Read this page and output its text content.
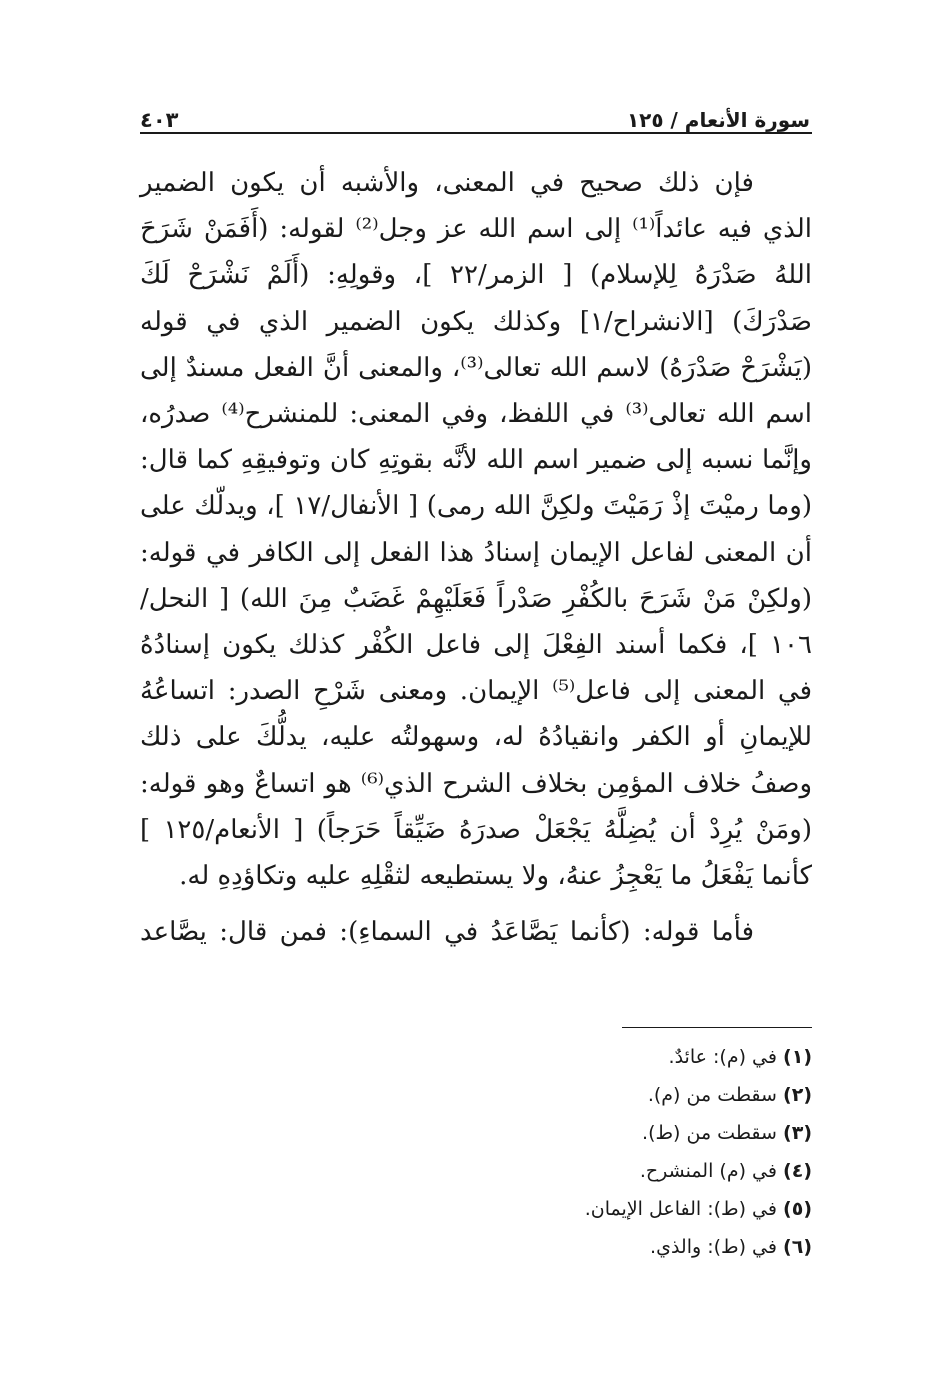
سورة الأنعام / ١٢٥
٤٠٣

فإن ذلك صحيح في المعنى، والأشبه أن يكون الضمير الذي فيه عائداً⁽¹⁾ إلى اسم الله عز وجل⁽²⁾ لقوله: (أَفَمَنْ شَرَحَ اللهُ صَدْرَهُ لِلإسلام) [ الزمر/٢٢ ]، وقولِهِ: (أَلَمْ نَشْرَحْ لَكَ صَدْرَكَ) [الانشراح/١] وكذلك يكون الضمير الذي في قوله (يَشْرَحْ صَدْرَهُ) لاسم الله تعالى⁽³⁾، والمعنى أنَّ الفعل مسندٌ إلى اسم الله تعالى⁽³⁾ في اللفظ، وفي المعنى: للمنشرح⁽⁴⁾ صدرُه، وإنَّما نسبه إلى ضمير اسم الله لأنَّه بقوتِهِ كان وتوفيقِهِ كما قال: (وما رميْتَ إذْ رَمَيْتَ ولكِنَّ الله رمى) [ الأنفال/١٧ ]، ويدلّك على أن المعنى لفاعل الإيمان إسنادُ هذا الفعل إلى الكافر في قوله: (ولكِنْ مَنْ شَرَحَ بالكُفْرِ صَدْراً فَعَلَيْهِمْ غَضَبٌ مِنَ الله) [ النحل/١٠٦ ]، فكما أسند الفِعْلَ إلى فاعل الكُفْر كذلك يكون إسنادُهُ في المعنى إلى فاعل⁽⁵⁾ الإيمان. ومعنى شَرْحِ الصدر: اتساعُهُ للإيمانِ أو الكفر وانقيادُهُ له، وسهولتُه عليه، يدلُّكَ على ذلك وصفُ خلاف المؤمِن بخلاف الشرح الذي⁽⁶⁾ هو اتساعٌ وهو قوله: (ومَنْ يُرِدْ أن يُضِلَّهُ يَجْعَلْ صدرَهُ ضَيِّقاً حَرَجاً) [ الأنعام/١٢٥ ] كأنما يَفْعَلُ ما يَعْجِزُ عنهُ، ولا يستطيعه لثقْلِهِ عليه وتكاؤدِهِ له.

فأما قوله: (كأنما يَصَّاعَدُ في السماءِ): فمن قال: يصَّاعد

(١) في (م): عائدٌ.
(٢) سقطت من (م).
(٣) سقطت من (ط).
(٤) في (م) المنشرح.
(٥) في (ط): الفاعل الإيمان.
(٦) في (ط): والذي.
